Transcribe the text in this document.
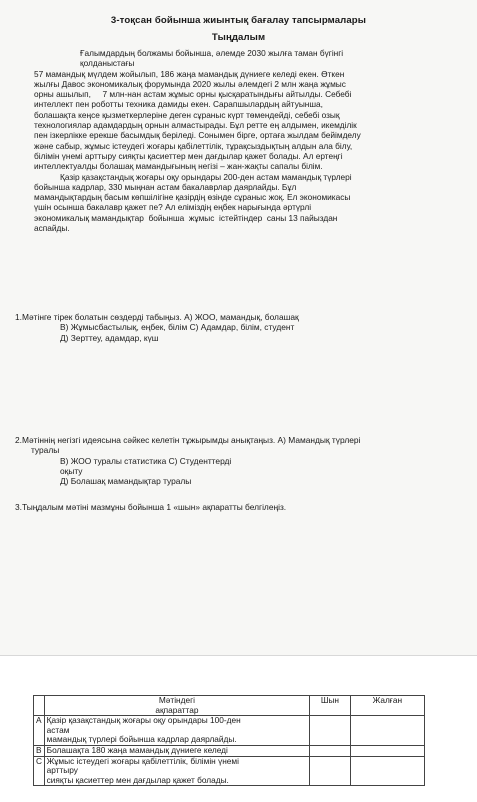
3-тоқсан бойынша жиынтық бағалау тапсырмалары
Тыңдалым
Ғалымдардың болжамы бойынша, әлемде 2030 жылға таман бүгінгі
қолданыстағы
57 мамандық мүлдем жойылып, 186 жаңа мамандық дүниеге келеді екен. Өткен
жылғы Давос экономикалық форумында 2020 жылы әлемдегі 2 млн жаңа жұмыс
орны ашылып,     7 млн-нан астам жұмыс орны қысқаратындығы айтылды. Себебі
интеллект пен роботты техника дамиды екен. Сарапшылардың айтуынша,
болашақта кеңсе қызметкерлеріне деген сұраныс күрт төмендейді, себебі озық
технологиялар адамдардың орнын алмастырады. Бұл ретте ең алдымен, икемділік
пен ізкерлікке ерекше басымдық беріледі. Сонымен бірге, ортаға жылдам бейімделу
және сабыр, жұмыс істеудегі жоғары қабілеттілік, тұрақсыздықтың алдын ала білу,
білімін үнемі арттыру сияқты қасиеттер мен дағдылар қажет болады. Ал ертеңгі
интеллектуалды болашақ мамандығының негізі – жан-жақты сапалы білім.
Қазір қазақстандық жоғары оқу орындары 200-ден астам мамандық түрлері
бойынша кадрлар, 330 мыңнан астам бакалаврлар даярлайды. Бұл
мамандықтардың басым көпшілігіне қазірдің өзінде сұраныс жоқ. Ел экономикасы
үшін осынша бакалавр қажет пе? Ал еліміздің еңбек нарығында әртүрлі
экономикалық мамандықтар  бойынша  жұмыс  істейтіндер  саны 13 пайыздан
аспайды.
1.Мәтінге тірек болатын сөздерді табыңыз. А) ЖОО, мамандық, болашақ
В) Жұмысбастылық, еңбек, білім С) Адамдар, білім, студент
Д) Зерттеу, адамдар, күш
2.Мәтіннің негізгі идеясына сәйкес келетін тұжырымды анықтаңыз. А) Мамандық түрлері
туралы
В) ЖОО туралы статистика С) Студенттерді
оқыту
Д) Болашақ мамандықтар туралы
3.Тыңдалым мәтіні мазмұны бойынша 1 «шын» ақпаратты белгілеңіз.

	Мәтіндегі
ақпараттар	Шын	Жалған
А	Қазір қазақстандық жоғары оқу орындары 100-ден
астам
мамандық түрлері бойынша кадрлар даярлайды.		

В	Болашақта 180 жаңа мамандық дүниеге келеді		

С	Жұмыс істеудегі жоғары қабілеттілік, білімін үнемі
арттыру
сияқты қасиеттер мен дағдылар қажет болады.		
